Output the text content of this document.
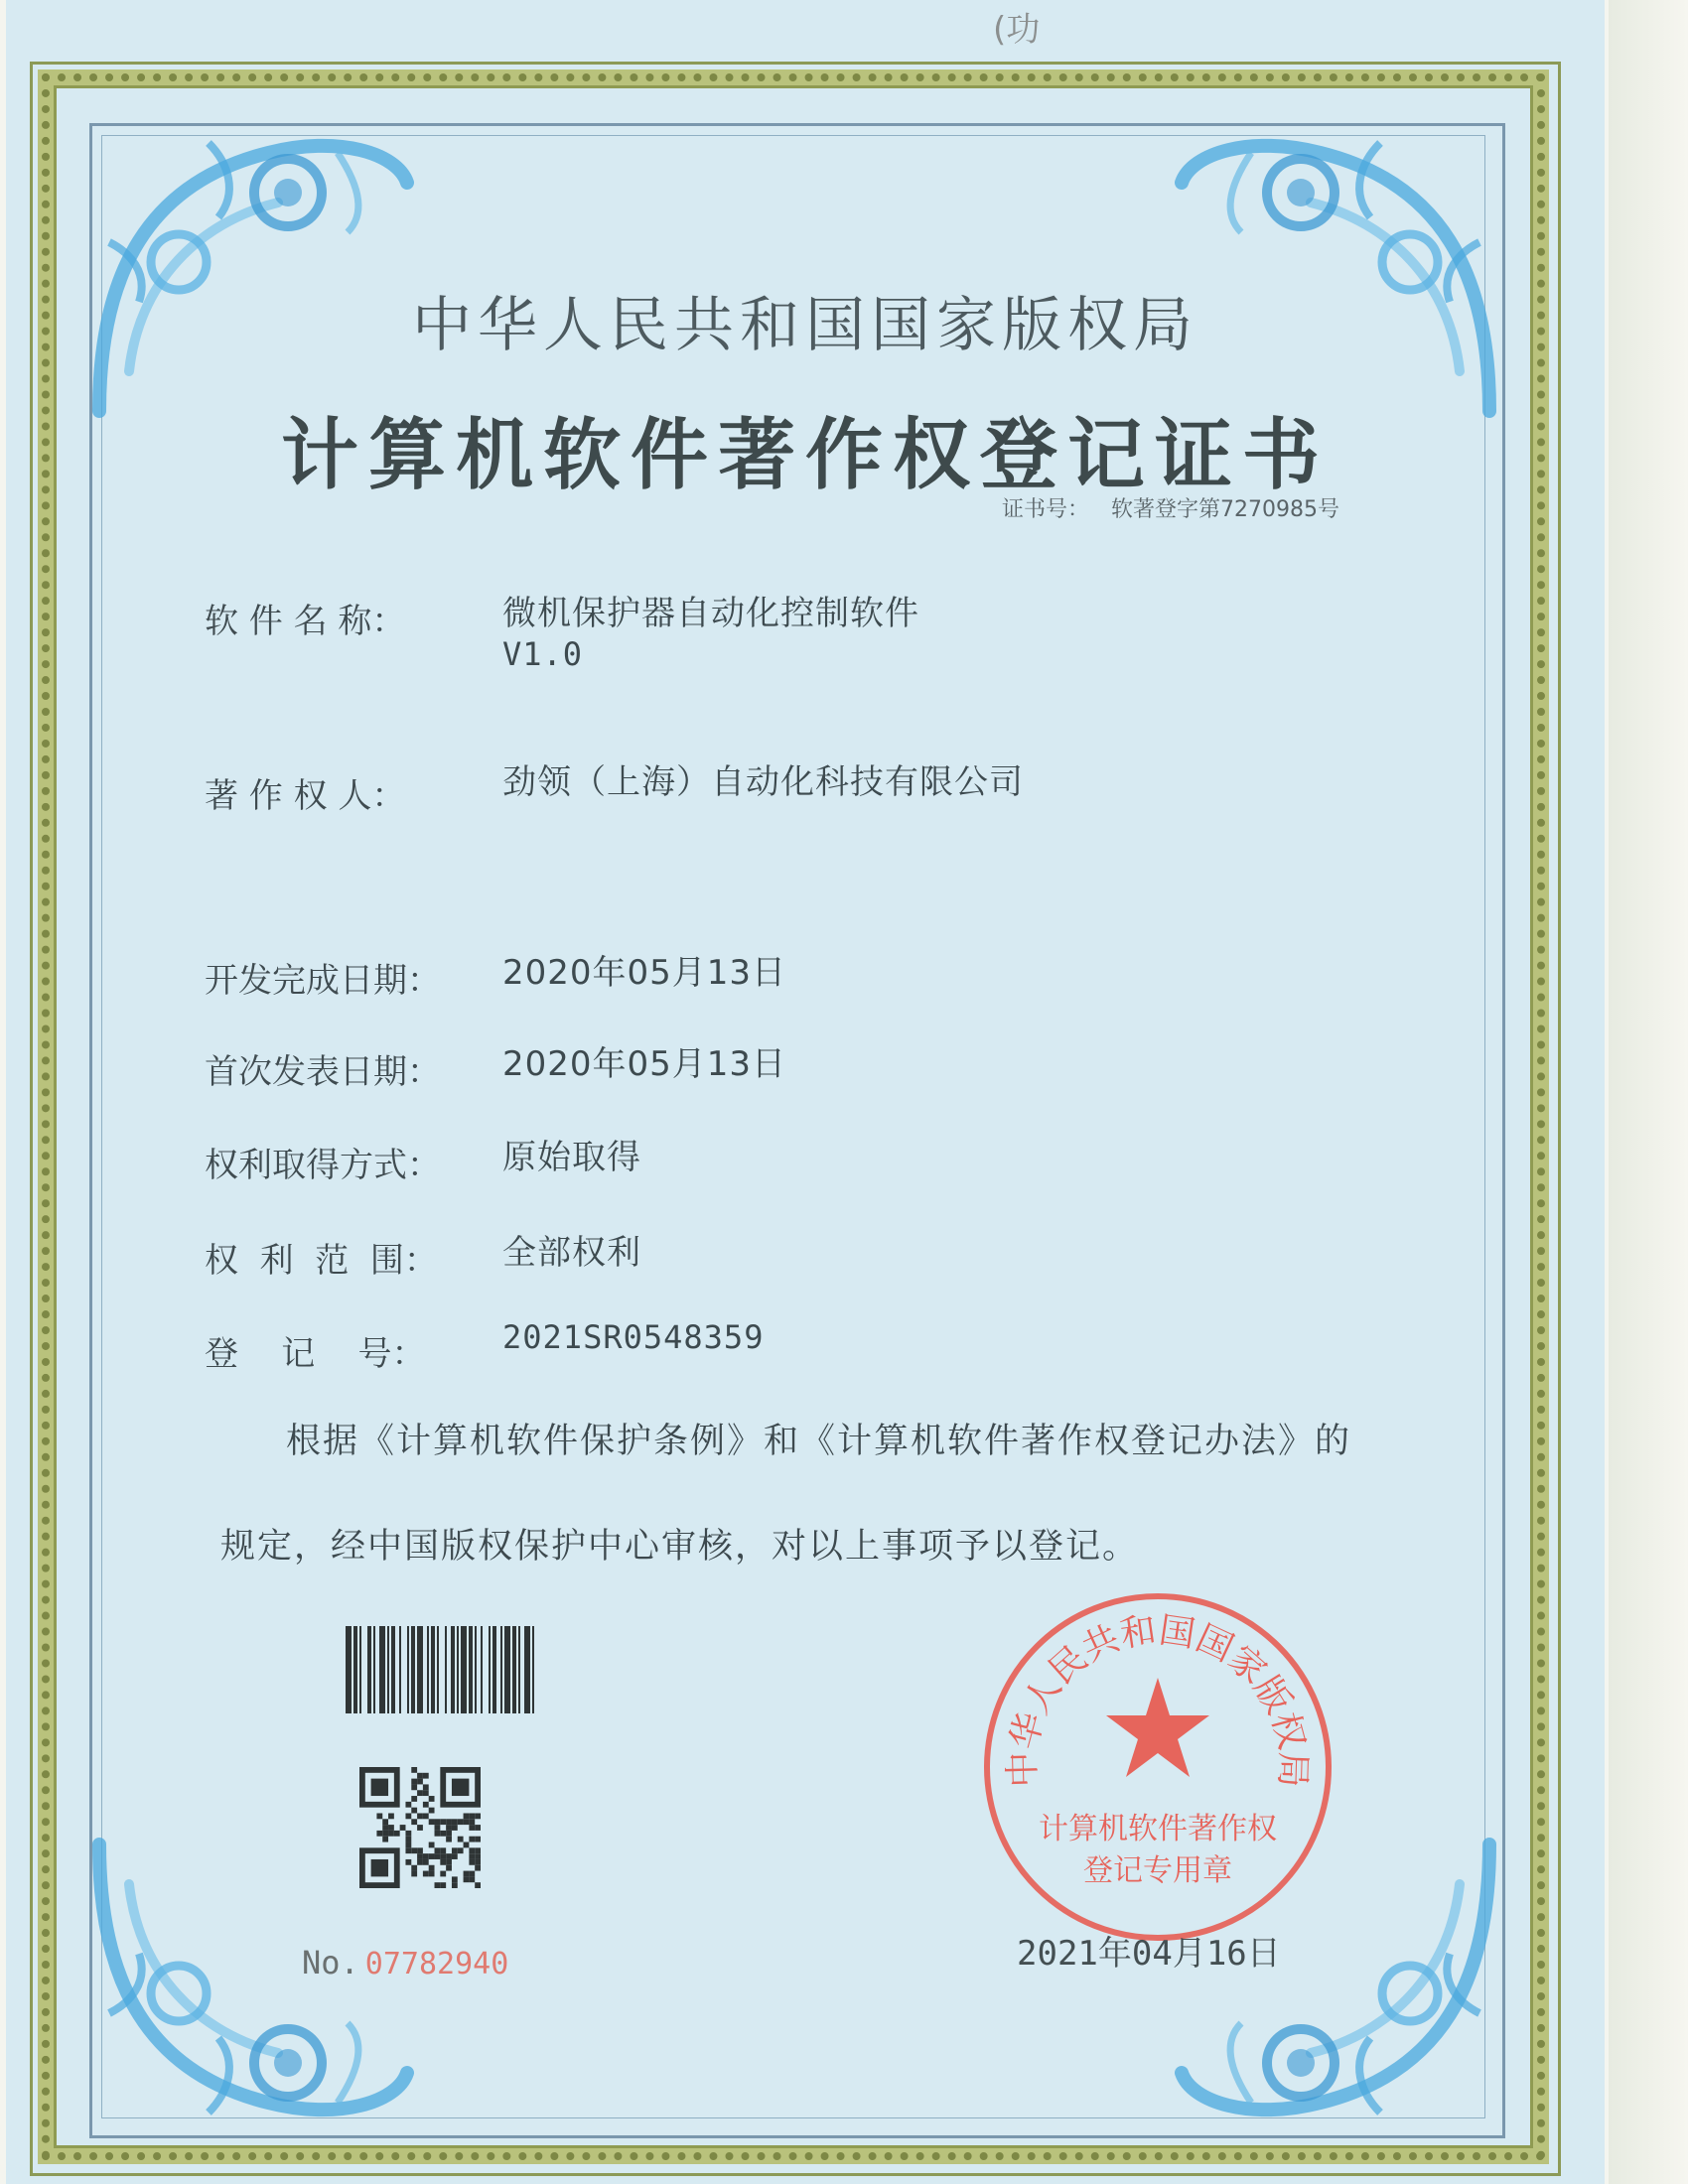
中华人民共和国国家版权局
计算机软件著作权登记证书
证书号： 软著登字第7270985号
软 件 名 称：	微机保护器自动化控制软件
V1.0
著 作 权 人：	劲领（上海）自动化科技有限公司
开发完成日期： 2020年05月13日
首次发表日期： 2020年05月13日
权利取得方式： 原始取得
权  利  范  围： 全部权利
登    记    号： 2021SR0548359
根据《计算机软件保护条例》和《计算机软件著作权登记办法》的
规定，经中国版权保护中心审核，对以上事项予以登记。
No. 07782940
中华人民共和国国家版权局
计算机软件著作权
登记专用章
2021年04月16日
(功
